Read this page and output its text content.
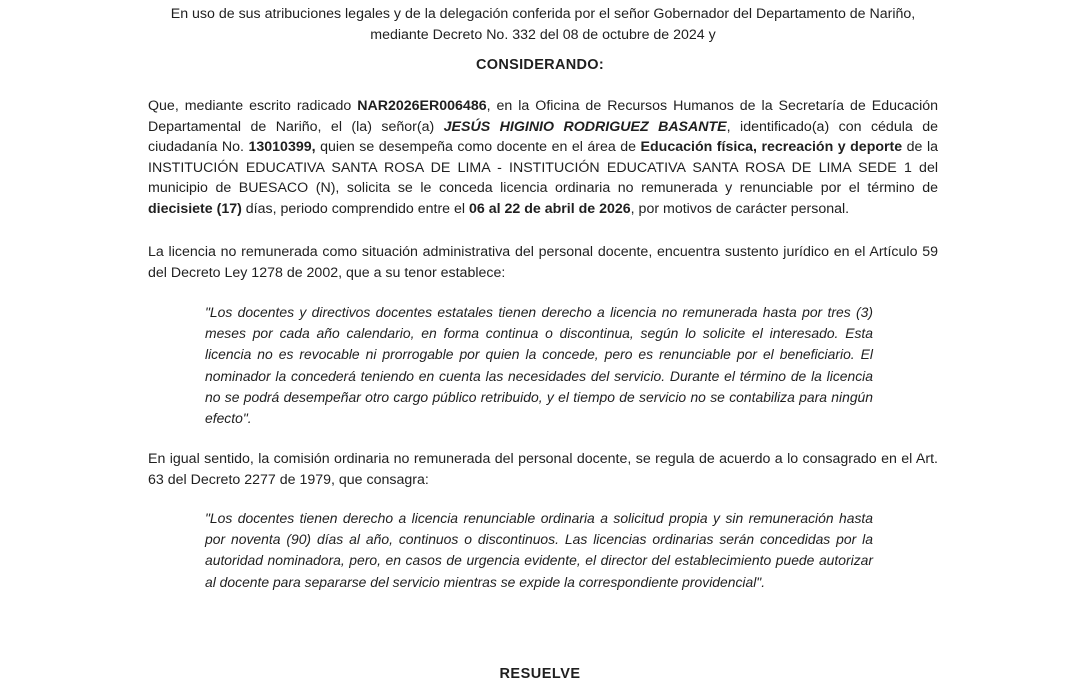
En uso de sus atribuciones legales y de la delegación conferida por el señor Gobernador del Departamento de Nariño,
mediante Decreto No. 332 del 08 de octubre de 2024 y
CONSIDERANDO:
Que, mediante escrito radicado NAR2026ER006486, en la Oficina de Recursos Humanos de la Secretaría de Educación Departamental de Nariño, el (la) señor(a) JESÚS HIGINIO RODRIGUEZ BASANTE, identificado(a) con cédula de ciudadanía No. 13010399, quien se desempeña como docente en el área de Educación física, recreación y deporte de la INSTITUCIÓN EDUCATIVA SANTA ROSA DE LIMA - INSTITUCIÓN EDUCATIVA SANTA ROSA DE LIMA SEDE 1 del municipio de BUESACO (N), solicita se le conceda licencia ordinaria no remunerada y renunciable por el término de diecisiete (17) días, periodo comprendido entre el 06 al 22 de abril de 2026, por motivos de carácter personal.
La licencia no remunerada como situación administrativa del personal docente, encuentra sustento jurídico en el Artículo 59 del Decreto Ley 1278 de 2002, que a su tenor establece:
"Los docentes y directivos docentes estatales tienen derecho a licencia no remunerada hasta por tres (3) meses por cada año calendario, en forma continua o discontinua, según lo solicite el interesado. Esta licencia no es revocable ni prorrogable por quien la concede, pero es renunciable por el beneficiario. El nominador la concederá teniendo en cuenta las necesidades del servicio. Durante el término de la licencia no se podrá desempeñar otro cargo público retribuido, y el tiempo de servicio no se contabiliza para ningún efecto".
En igual sentido, la comisión ordinaria no remunerada del personal docente, se regula de acuerdo a lo consagrado en el Art. 63 del Decreto 2277 de 1979, que consagra:
"Los docentes tienen derecho a licencia renunciable ordinaria a solicitud propia y sin remuneración hasta por noventa (90) días al año, continuos o discontinuos. Las licencias ordinarias serán concedidas por la autoridad nominadora, pero, en casos de urgencia evidente, el director del establecimiento puede autorizar al docente para separarse del servicio mientras se expide la correspondiente providencial".
RESUELVE
